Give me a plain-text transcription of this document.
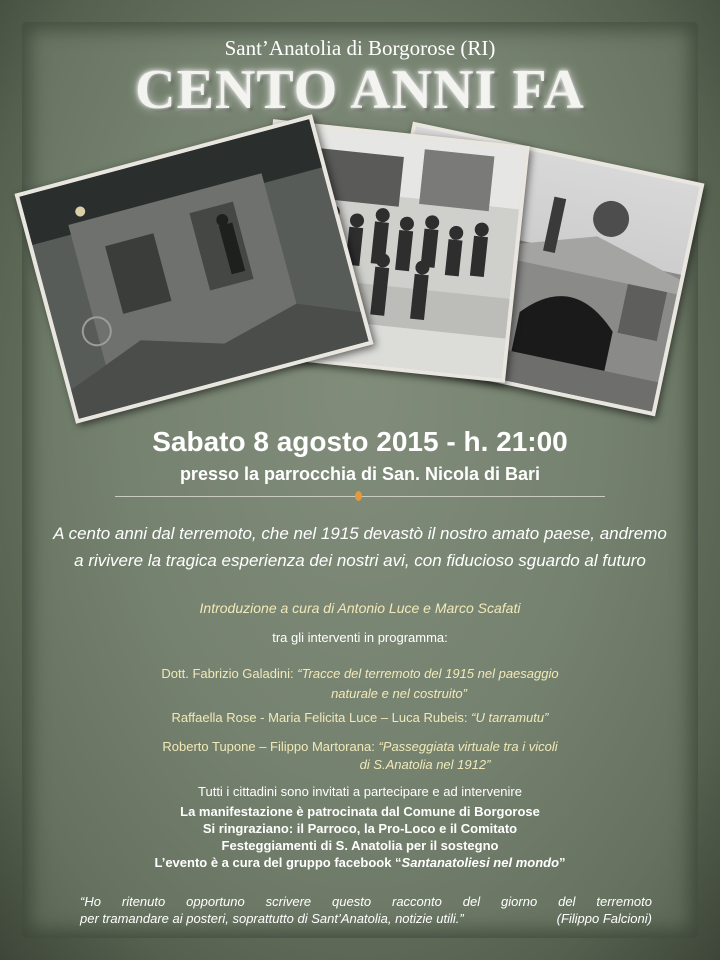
Sant’Anatolia di Borgorose (RI)
CENTO ANNI FA
Sabato 8 agosto 2015 - h. 21:00
presso la parrocchia di San. Nicola di Bari
A cento anni dal terremoto, che nel 1915 devastò il nostro amato paese, andremo
a rivivere la tragica esperienza dei nostri avi, con fiducioso sguardo al futuro
Introduzione a cura di Antonio Luce e Marco Scafati
tra gli interventi in programma:
Dott. Fabrizio Galadini: “Tracce del terremoto del 1915 nel paesaggio
naturale e nel costruito”
Raffaella Rose - Maria Felicita Luce – Luca Rubeis: “U tarramutu”
Roberto Tupone – Filippo Martorana: “Passeggiata virtuale tra i vicoli
di S.Anatolia nel 1912”
Tutti i cittadini sono invitati a partecipare e ad intervenire
La manifestazione è patrocinata dal Comune di Borgorose
Si ringraziano: il Parroco, la Pro-Loco e il Comitato
Festeggiamenti di S. Anatolia per il sostegno
L’evento è a cura del gruppo facebook “Santanatoliesi nel mondo”
“Ho ritenuto opportuno scrivere questo racconto del giorno del terremoto
per tramandare ai posteri, soprattutto di Sant’Anatolia, notizie utili.”	(Filippo Falcioni)
